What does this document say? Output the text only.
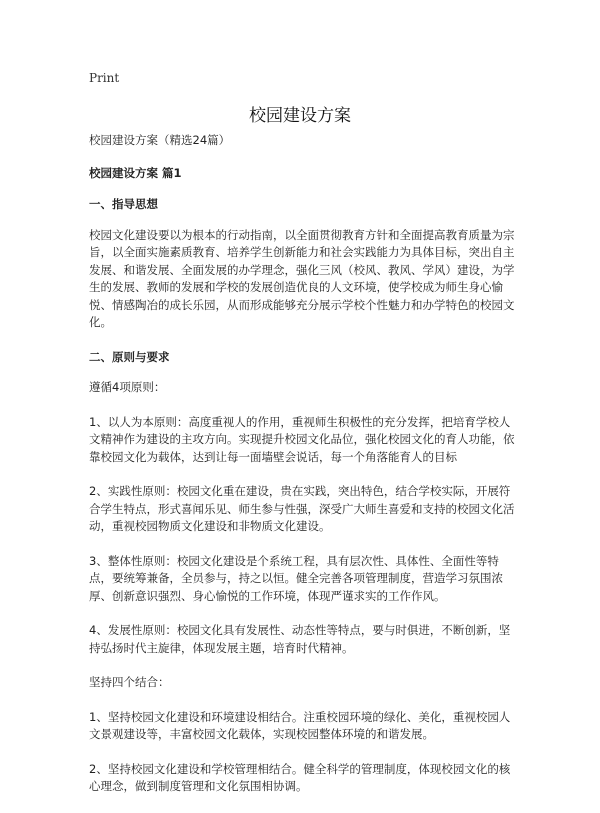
Print
校园建设方案

校园建设方案（精选24篇）

校园建设方案 篇1

一、指导思想

校园文化建设要以为根本的行动指南，以全面贯彻教育方针和全面提高教育质量为宗旨，以全面实施素质教育、培养学生创新能力和社会实践能力为具体目标，突出自主发展、和谐发展、全面发展的办学理念，强化三风（校风、教风、学风）建设，为学生的发展、教师的发展和学校的发展创造优良的人文环境，使学校成为师生身心愉悦、情感陶冶的成长乐园，从而形成能够充分展示学校个性魅力和办学特色的校园文化。

二、原则与要求

遵循4项原则：

1、以人为本原则：高度重视人的作用，重视师生积极性的充分发挥，把培育学校人文精神作为建设的主攻方向。实现提升校园文化品位，强化校园文化的育人功能，依靠校园文化为载体，达到让每一面墙壁会说话，每一个角落能育人的目标

2、实践性原则：校园文化重在建设，贵在实践，突出特色，结合学校实际，开展符合学生特点，形式喜闻乐见、师生参与性强，深受广大师生喜爱和支持的校园文化活动，重视校园物质文化建设和非物质文化建设。

3、整体性原则：校园文化建设是个系统工程，具有层次性、具体性、全面性等特点，要统筹兼备，全员参与，持之以恒。健全完善各项管理制度，营造学习氛围浓厚、创新意识强烈、身心愉悦的工作环境，体现严谨求实的工作作风。

4、发展性原则：校园文化具有发展性、动态性等特点，要与时俱进，不断创新，坚持弘扬时代主旋律，体现发展主题，培育时代精神。

坚持四个结合：

1、坚持校园文化建设和环境建设相结合。注重校园环境的绿化、美化，重视校园人文景观建设等，丰富校园文化载体，实现校园整体环境的和谐发展。

2、坚持校园文化建设和学校管理相结合。健全科学的管理制度，体现校园文化的核心理念，做到制度管理和文化氛围相协调。
